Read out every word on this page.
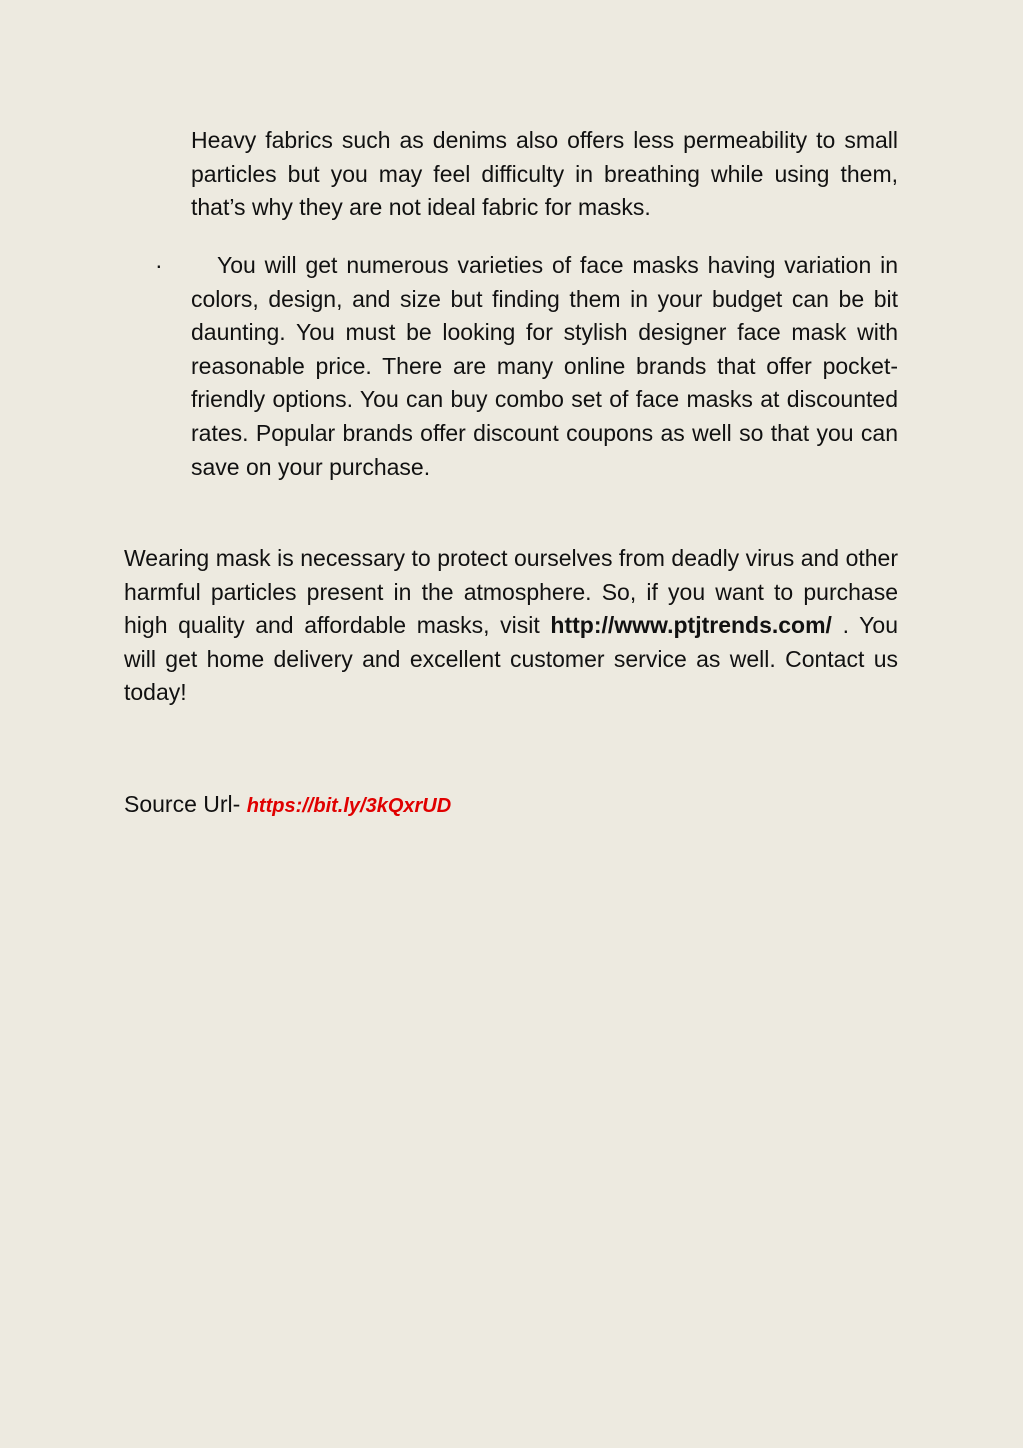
Heavy fabrics such as denims also offers less permeability to small particles but you may feel difficulty in breathing while using them, that’s why they are not ideal fabric for masks.

·	You will get numerous varieties of face masks having variation in colors, design, and size but finding them in your budget can be bit daunting. You must be looking for stylish designer face mask with reasonable price. There are many online brands that offer pocket-friendly options. You can buy combo set of face masks at discounted rates. Popular brands offer discount coupons as well so that you can save on your purchase.

Wearing mask is necessary to protect ourselves from deadly virus and other harmful particles present in the atmosphere. So, if you want to purchase high quality and affordable masks, visit http://www.ptjtrends.com/ . You will get home delivery and excellent customer service as well. Contact us today!

Source Url- https://bit.ly/3kQxrUD
